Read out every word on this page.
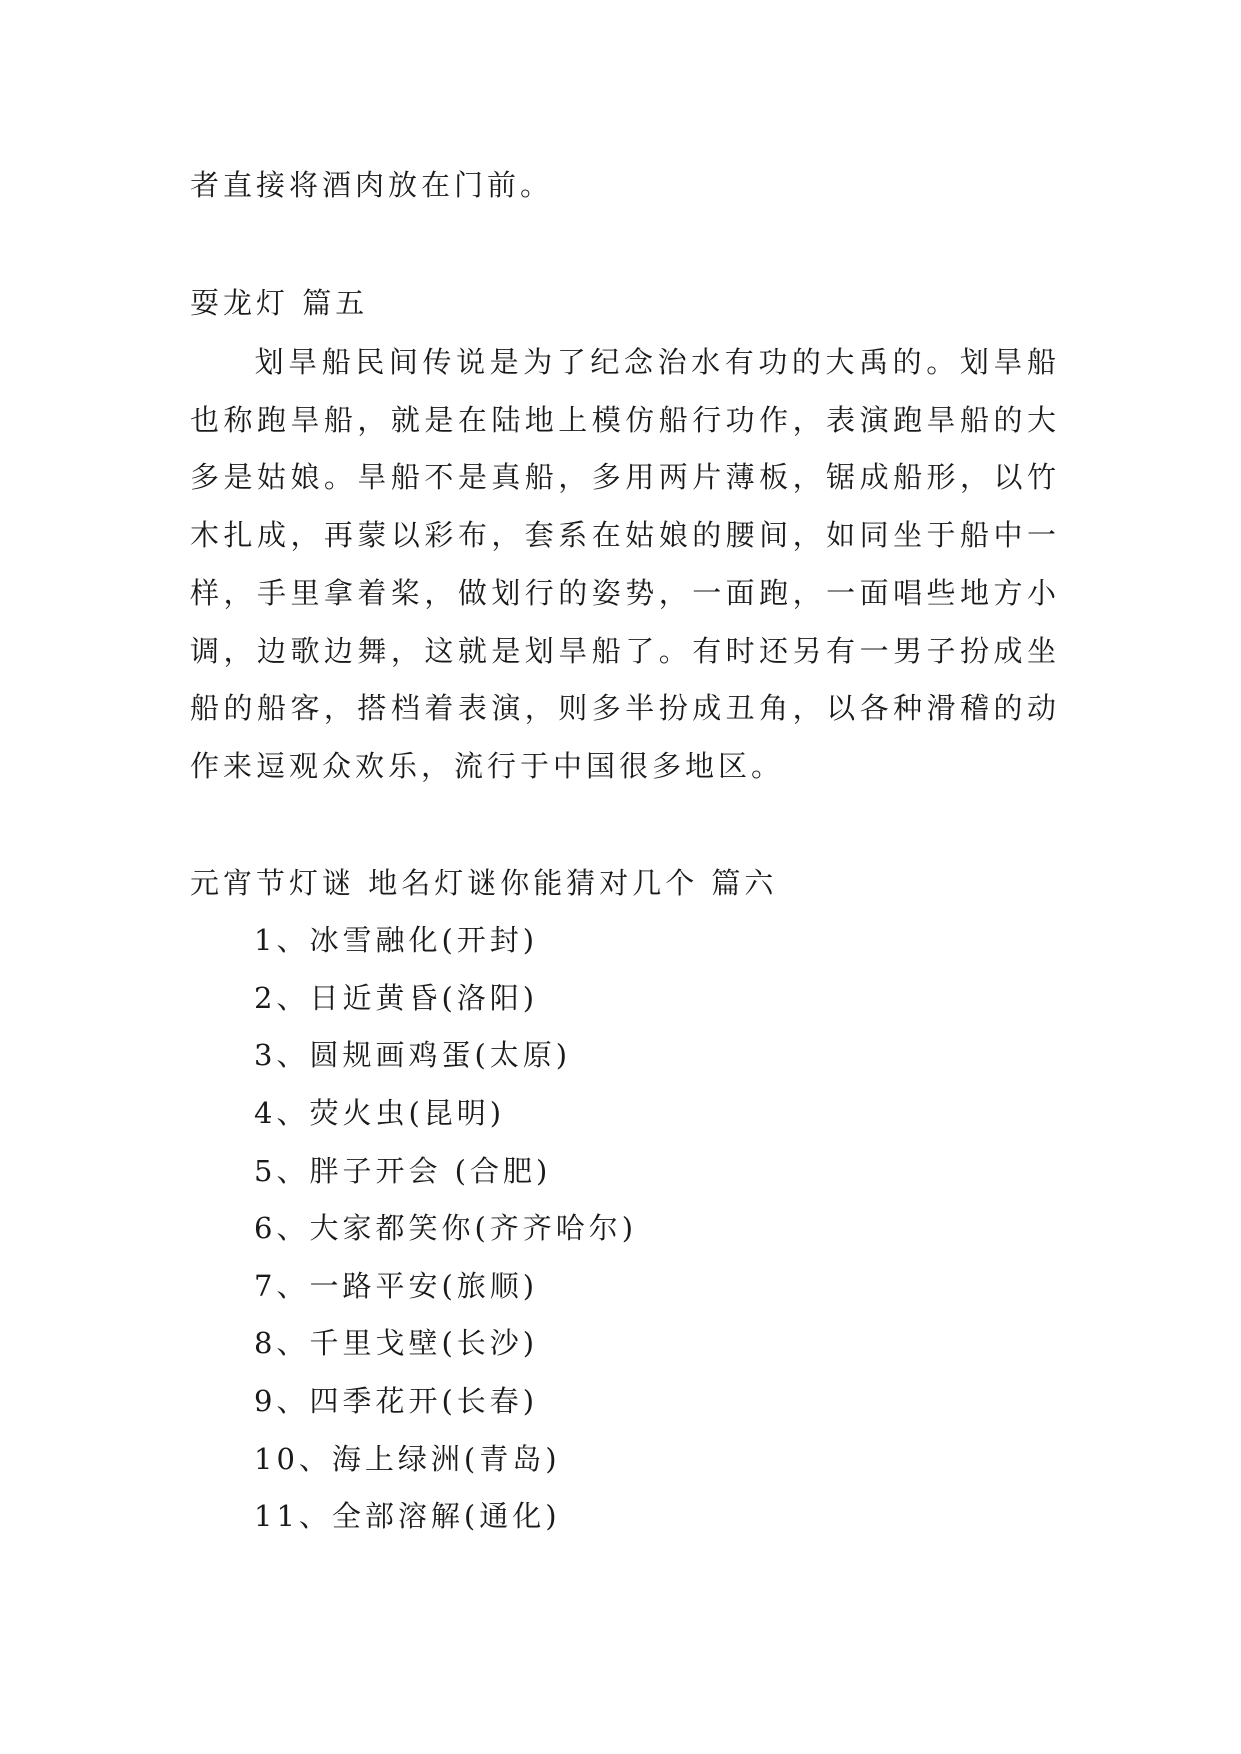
者直接将酒肉放在门前。
耍龙灯 篇五
划旱船民间传说是为了纪念治水有功的大禹的。划旱船也称跑旱船，就是在陆地上模仿船行功作，表演跑旱船的大多是姑娘。旱船不是真船，多用两片薄板，锯成船形，以竹木扎成，再蒙以彩布，套系在姑娘的腰间，如同坐于船中一样，手里拿着桨，做划行的姿势，一面跑，一面唱些地方小调，边歌边舞，这就是划旱船了。有时还另有一男子扮成坐船的船客，搭档着表演，则多半扮成丑角，以各种滑稽的动作来逗观众欢乐，流行于中国很多地区。
元宵节灯谜 地名灯谜你能猜对几个 篇六
1、冰雪融化(开封)
2、日近黄昏(洛阳)
3、圆规画鸡蛋(太原)
4、荧火虫(昆明)
5、胖子开会 (合肥)
6、大家都笑你(齐齐哈尔)
7、一路平安(旅顺)
8、千里戈壁(长沙)
9、四季花开(长春)
10、海上绿洲(青岛)
11、全部溶解(通化)
